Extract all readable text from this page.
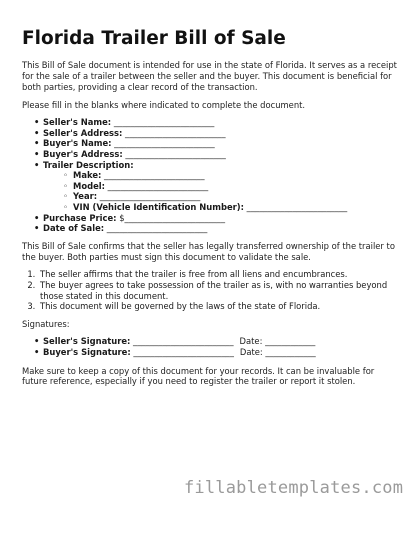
Florida Trailer Bill of Sale

This Bill of Sale document is intended for use in the state of Florida. It serves as a receipt for the sale of a trailer between the seller and the buyer. This document is beneficial for both parties, providing a clear record of the transaction.

Please fill in the blanks where indicated to complete the document.

• Seller's Name: ________________________
• Seller's Address: ________________________
• Buyer's Name: ________________________
• Buyer's Address: ________________________
• Trailer Description:
◦ Make: ________________________
◦ Model: ________________________
◦ Year: ________________________
◦ VIN (Vehicle Identification Number): ________________________
• Purchase Price: $________________________
• Date of Sale: ________________________

This Bill of Sale confirms that the seller has legally transferred ownership of the trailer to the buyer. Both parties must sign this document to validate the sale.

1. The seller affirms that the trailer is free from all liens and encumbrances.
2. The buyer agrees to take possession of the trailer as is, with no warranties beyond those stated in this document.
3. This document will be governed by the laws of the state of Florida.

Signatures:

• Seller's Signature: ________________________ Date: ____________
• Buyer's Signature: ________________________ Date: ____________

Make sure to keep a copy of this document for your records. It can be invaluable for future reference, especially if you need to register the trailer or report it stolen.

fillabletemplates.com
